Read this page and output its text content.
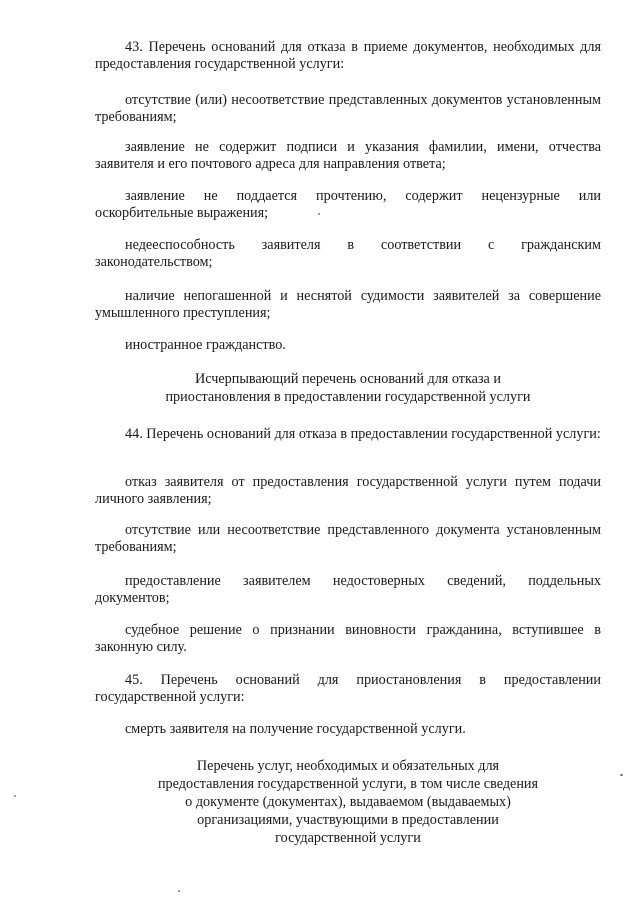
43. Перечень оснований для отказа в приеме документов, необходимых для предоставления государственной услуги:

отсутствие (или) несоответствие представленных документов установленным требованиям;

заявление не содержит подписи и указания фамилии, имени, отчества заявителя и его почтового адреса для направления ответа;

заявление не поддается прочтению, содержит нецензурные или оскорбительные выражения;

недееспособность заявителя в соответствии с гражданским законодательством;

наличие непогашенной и неснятой судимости заявителей за совершение умышленного преступления;

иностранное гражданство.

Исчерпывающий перечень оснований для отказа и
приостановления в предоставлении государственной услуги

44. Перечень оснований для отказа в предоставлении государственной услуги:

отказ заявителя от предоставления государственной услуги путем подачи личного заявления;

отсутствие или несоответствие представленного документа установленным требованиям;

предоставление заявителем недостоверных сведений, поддельных документов;

судебное решение о признании виновности гражданина, вступившее в законную силу.

45. Перечень оснований для приостановления в предоставлении государственной услуги:

смерть заявителя на получение государственной услуги.

Перечень услуг, необходимых и обязательных для
предоставления государственной услуги, в том числе сведения
о документе (документах), выдаваемом (выдаваемых)
организациями, участвующими в предоставлении
государственной услуги
